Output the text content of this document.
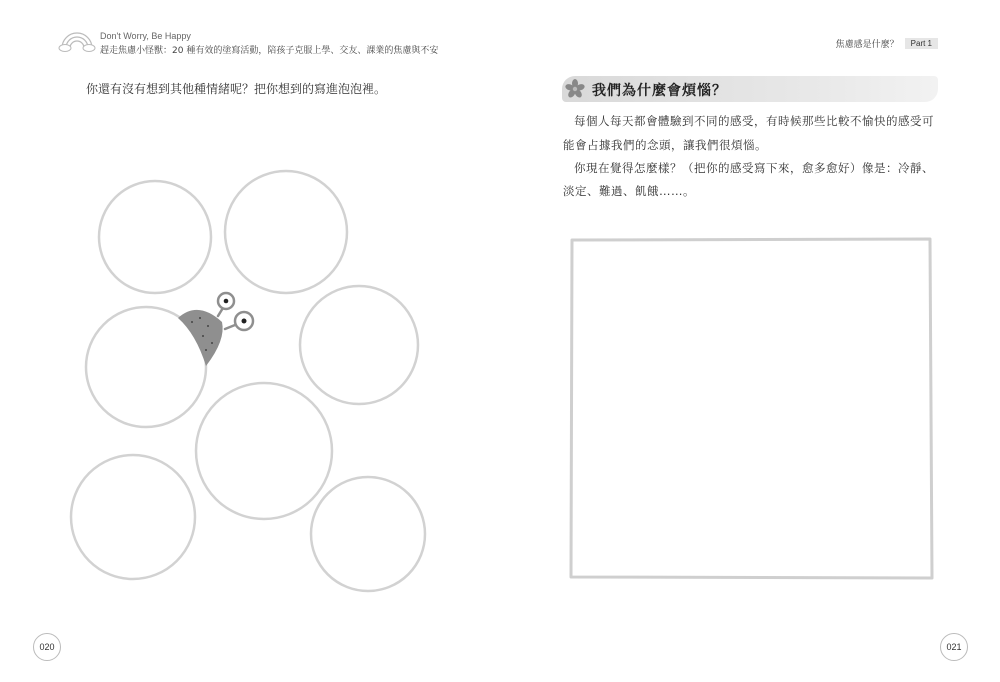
Don't Worry, Be Happy
趕走焦慮小怪獸：20 種有效的塗寫活動，陪孩子克服上學、交友、課業的焦慮與不安
你還有沒有想到其他種情緒呢？把你想到的寫進泡泡裡。
020
焦慮感是什麼？	Part 1
我們為什麼會煩惱？
每個人每天都會體驗到不同的感受，有時候那些比較不愉快的感受可
能會占據我們的念頭，讓我們很煩惱。
你現在覺得怎麼樣？（把你的感受寫下來，愈多愈好）像是：冷靜、
淡定、難過、飢餓……。
021
